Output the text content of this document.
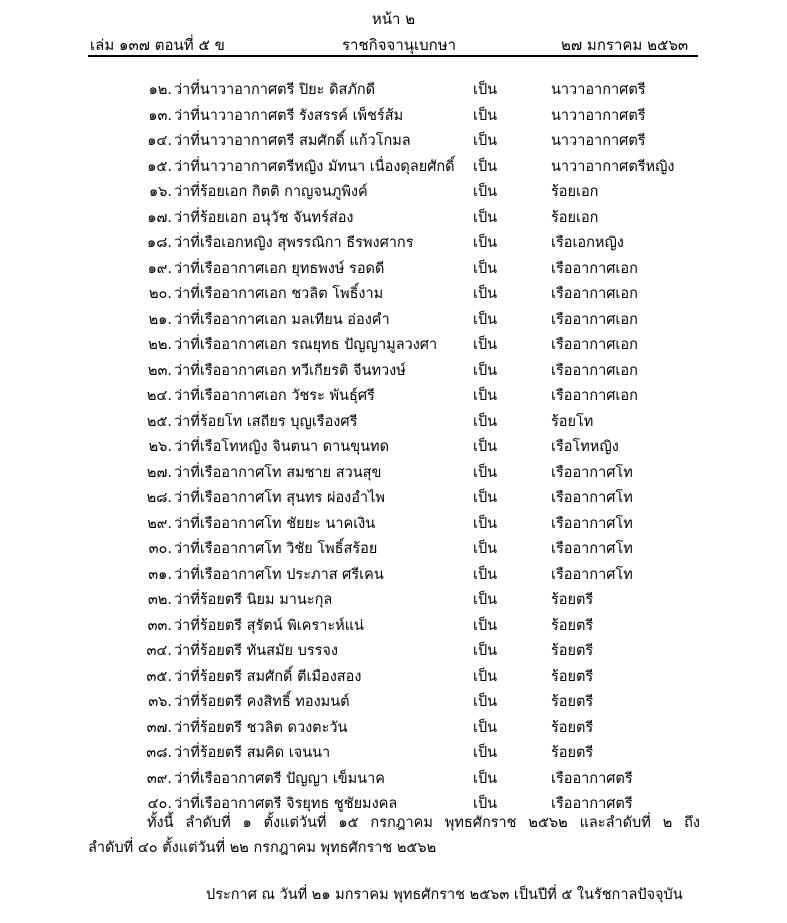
หน้า ๒
เล่ม ๑๓๗ ตอนที่ ๕ ข	ราชกิจจานุเบกษา	๒๗ มกราคม ๒๕๖๓
๑๒. ว่าที่นาวาอากาศตรี ปิยะ ดิสภักดี	เป็น	นาวาอากาศตรี
๑๓. ว่าที่นาวาอากาศตรี รังสรรค์ เพ็ชร์ส้ม	เป็น	นาวาอากาศตรี
๑๔. ว่าที่นาวาอากาศตรี สมศักดิ์ แก้วโกมล	เป็น	นาวาอากาศตรี
๑๕. ว่าที่นาวาอากาศตรีหญิง มัทนา เนื่องดุลยศักดิ์ เป็น	นาวาอากาศตรีหญิง
๑๖. ว่าที่ร้อยเอก กิตติ กาญจนภูพิงค์	เป็น	ร้อยเอก
๑๗. ว่าที่ร้อยเอก อนุวัช จันทร์ส่อง	เป็น	ร้อยเอก
๑๘. ว่าที่เรือเอกหญิง สุพรรณิกา ธีรพงศากร	เป็น	เรือเอกหญิง
๑๙. ว่าที่เรืออากาศเอก ยุทธพงษ์ รอดดี	เป็น	เรืออากาศเอก
๒๐. ว่าที่เรืออากาศเอก ชวลิต โพธิ์งาม	เป็น	เรืออากาศเอก
๒๑. ว่าที่เรืออากาศเอก มลเทียน อ่องคำ	เป็น	เรืออากาศเอก
๒๒. ว่าที่เรืออากาศเอก รณยุทธ ปัญญามูลวงศา เป็น	เรืออากาศเอก
๒๓. ว่าที่เรืออากาศเอก ทวีเกียรติ จีนทวงษ์	เป็น	เรืออากาศเอก
๒๔. ว่าที่เรืออากาศเอก วัชระ พันธุ์ศรี	เป็น	เรืออากาศเอก
๒๕. ว่าที่ร้อยโท เสถียร บุญเรืองศรี	เป็น	ร้อยโท
๒๖. ว่าที่เรือโทหญิง จินตนา ดานขุนทด	เป็น	เรือโทหญิง
๒๗. ว่าที่เรืออากาศโท สมชาย สวนสุข	เป็น	เรืออากาศโท
๒๘. ว่าที่เรืออากาศโท สุนทร ผ่องอำไพ	เป็น	เรืออากาศโท
๒๙. ว่าที่เรืออากาศโท ชัยยะ นาคเงิน	เป็น	เรืออากาศโท
๓๐. ว่าที่เรืออากาศโท วิชัย โพธิ์สร้อย	เป็น	เรืออากาศโท
๓๑. ว่าที่เรืออากาศโท ประภาส ศรีเคน	เป็น	เรืออากาศโท
๓๒. ว่าที่ร้อยตรี นิยม มานะกุล	เป็น	ร้อยตรี
๓๓. ว่าที่ร้อยตรี สุรัตน์ พิเคราะห์แน่	เป็น	ร้อยตรี
๓๔. ว่าที่ร้อยตรี ทันสมัย บรรจง	เป็น	ร้อยตรี
๓๕. ว่าที่ร้อยตรี สมศักดิ์ ตีเมืองสอง	เป็น	ร้อยตรี
๓๖. ว่าที่ร้อยตรี คงสิทธิ์ ทองมนต์	เป็น	ร้อยตรี
๓๗. ว่าที่ร้อยตรี ชวลิต ดวงตะวัน	เป็น	ร้อยตรี
๓๘. ว่าที่ร้อยตรี สมคิด เจนนา	เป็น	ร้อยตรี
๓๙. ว่าที่เรืออากาศตรี ปัญญา เข็มนาค	เป็น	เรืออากาศตรี
๔๐. ว่าที่เรืออากาศตรี จิรยุทธ ชูชัยมงคล	เป็น	เรืออากาศตรี
ทั้งนี้ ลำดับที่ ๑ ตั้งแต่วันที่ ๑๕ กรกฎาคม พุทธศักราช ๒๕๖๒ และลำดับที่ ๒ ถึง
ลำดับที่ ๔๐ ตั้งแต่วันที่ ๒๒ กรกฎาคม พุทธศักราช ๒๕๖๒
ประกาศ ณ วันที่ ๒๑ มกราคม พุทธศักราช ๒๕๖๓ เป็นปีที่ ๕ ในรัชกาลปัจจุบัน
